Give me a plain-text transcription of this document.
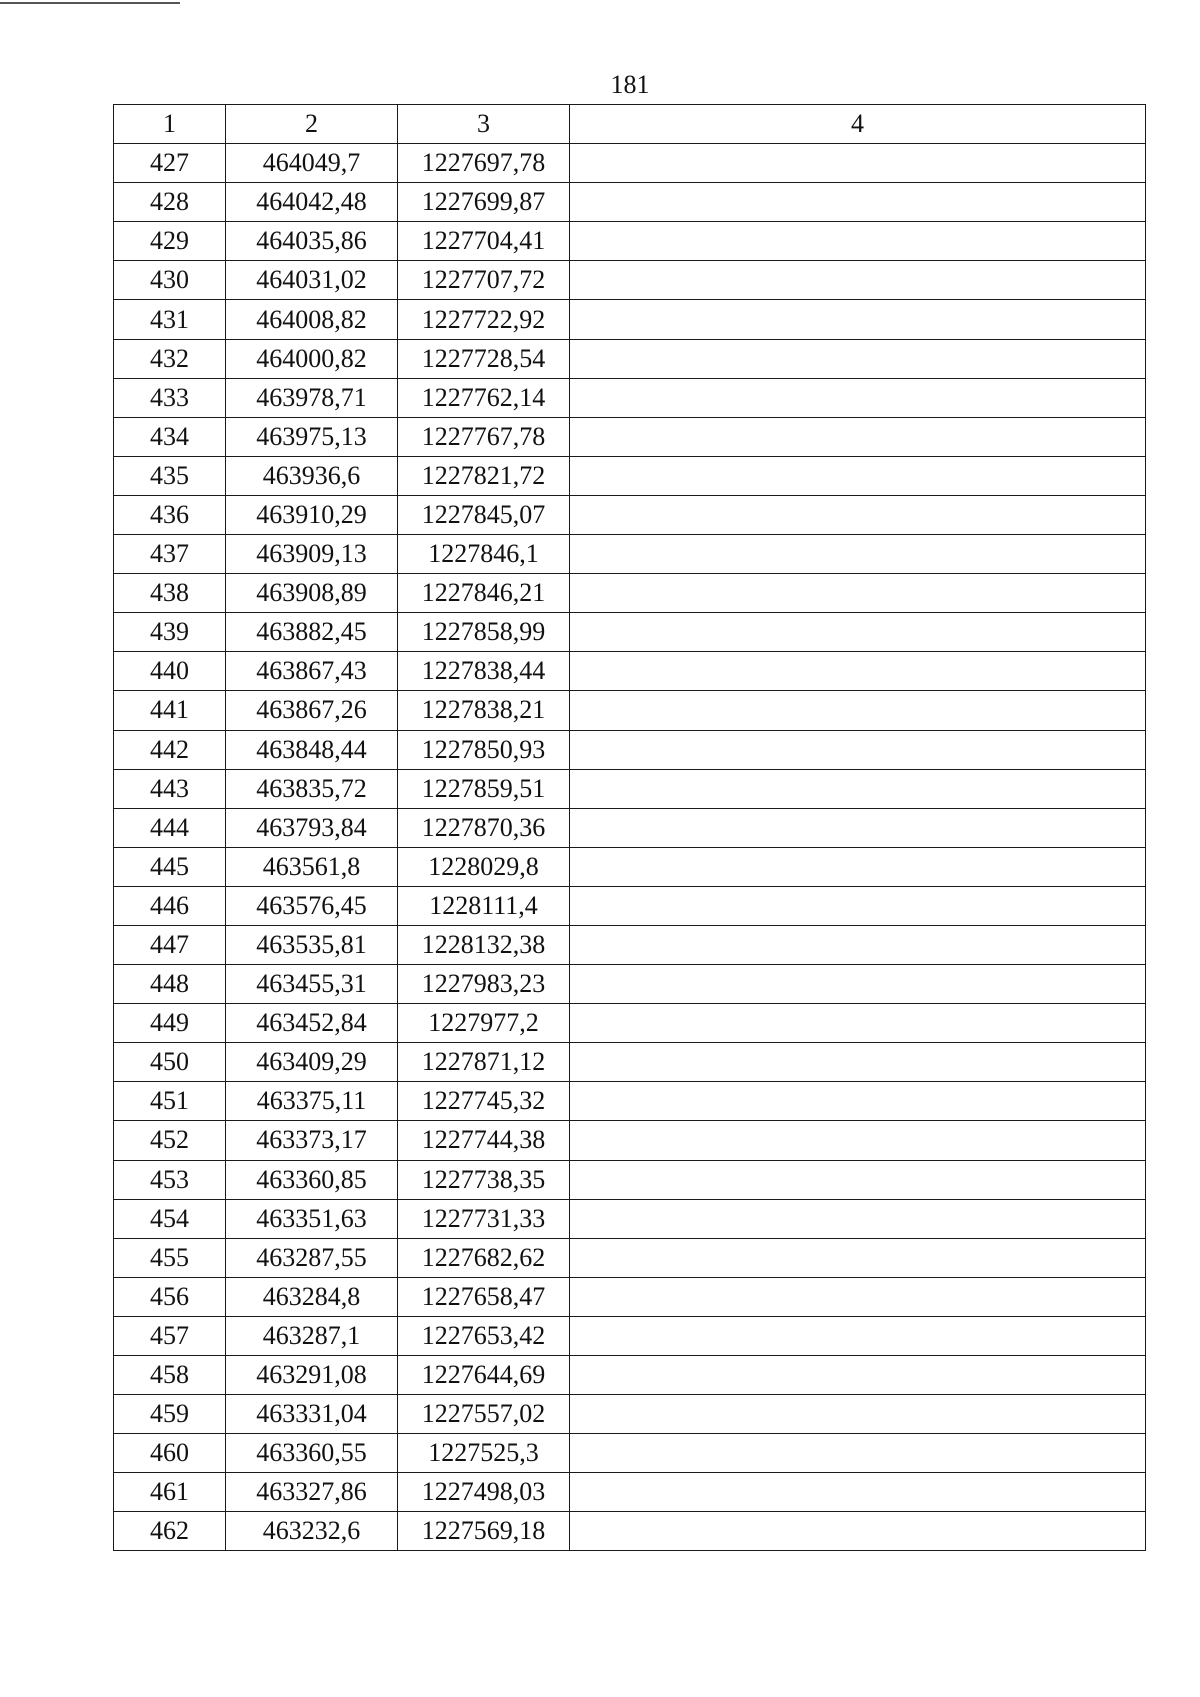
181
1	2	3	4
427	464049,7	1227697,78	
428	464042,48	1227699,87	
429	464035,86	1227704,41	
430	464031,02	1227707,72	
431	464008,82	1227722,92	
432	464000,82	1227728,54	
433	463978,71	1227762,14	
434	463975,13	1227767,78	
435	463936,6	1227821,72	
436	463910,29	1227845,07	
437	463909,13	1227846,1	
438	463908,89	1227846,21	
439	463882,45	1227858,99	
440	463867,43	1227838,44	
441	463867,26	1227838,21	
442	463848,44	1227850,93	
443	463835,72	1227859,51	
444	463793,84	1227870,36	
445	463561,8	1228029,8	
446	463576,45	1228111,4	
447	463535,81	1228132,38	
448	463455,31	1227983,23	
449	463452,84	1227977,2	
450	463409,29	1227871,12	
451	463375,11	1227745,32	
452	463373,17	1227744,38	
453	463360,85	1227738,35	
454	463351,63	1227731,33	
455	463287,55	1227682,62	
456	463284,8	1227658,47	
457	463287,1	1227653,42	
458	463291,08	1227644,69	
459	463331,04	1227557,02	
460	463360,55	1227525,3	
461	463327,86	1227498,03	
462	463232,6	1227569,18	
